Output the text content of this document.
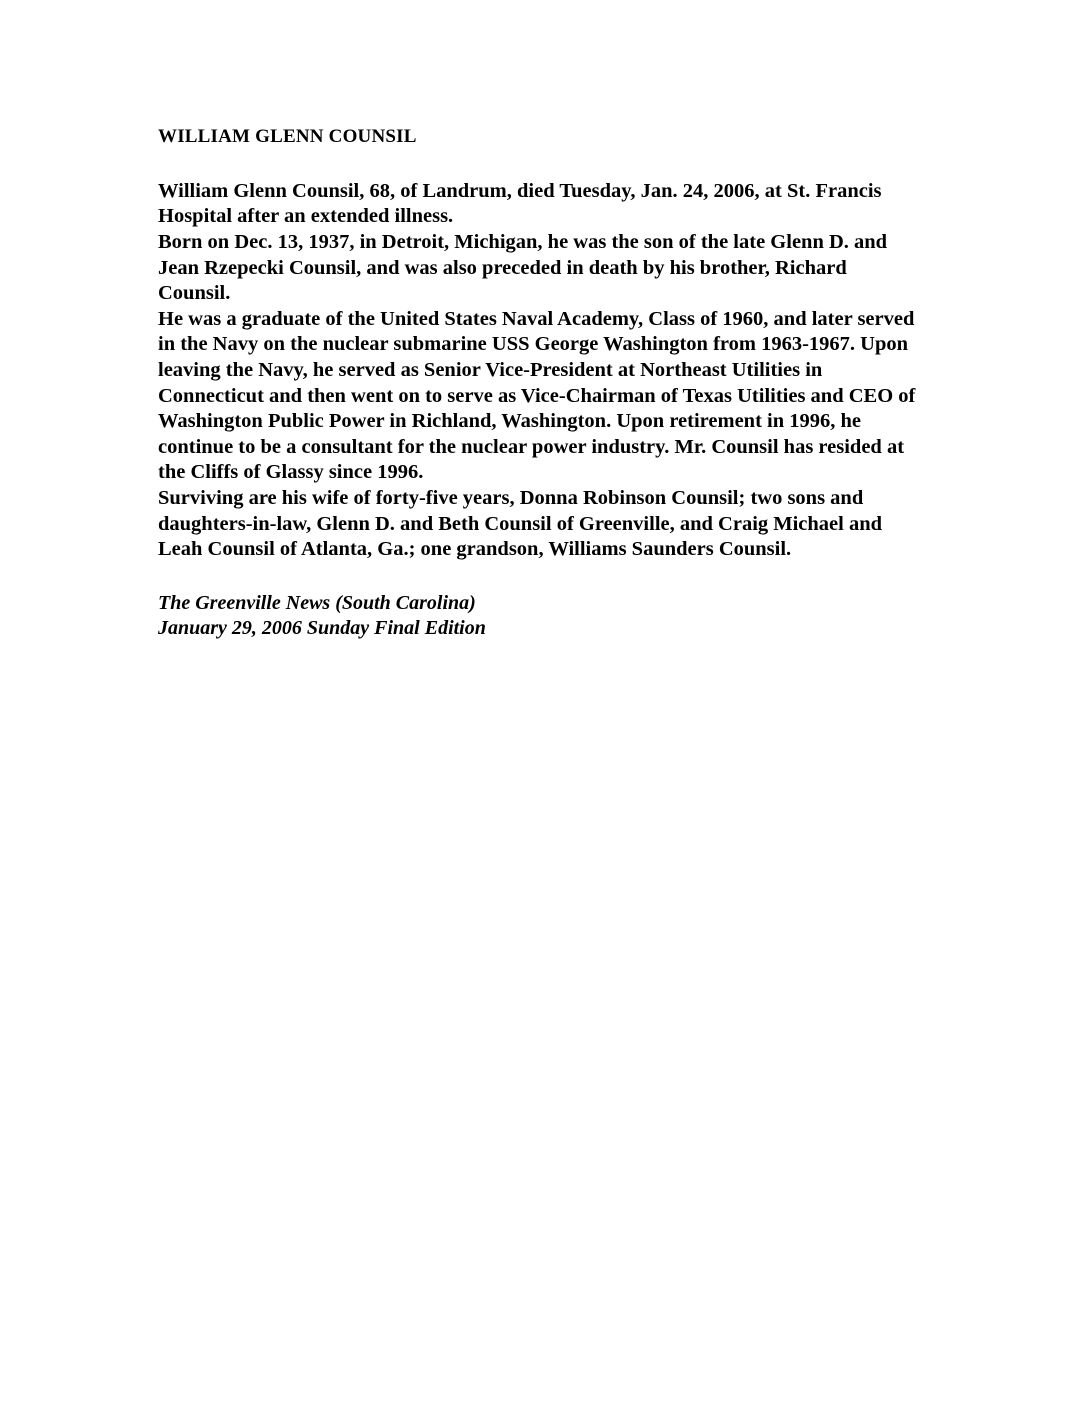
WILLIAM GLENN COUNSIL

William Glenn Counsil, 68, of Landrum, died Tuesday, Jan. 24, 2006, at St. Francis Hospital after an extended illness.

Born on Dec. 13, 1937, in Detroit, Michigan, he was the son of the late Glenn D. and Jean Rzepecki Counsil, and was also preceded in death by his brother, Richard Counsil.

He was a graduate of the United States Naval Academy, Class of 1960, and later served in the Navy on the nuclear submarine USS George Washington from 1963-1967. Upon leaving the Navy, he served as Senior Vice-President at Northeast Utilities in Connecticut and then went on to serve as Vice-Chairman of Texas Utilities and CEO of Washington Public Power in Richland, Washington. Upon retirement in 1996, he continue to be a consultant for the nuclear power industry. Mr. Counsil has resided at the Cliffs of Glassy since 1996.

Surviving are his wife of forty-five years, Donna Robinson Counsil; two sons and daughters-in-law, Glenn D. and Beth Counsil of Greenville, and Craig Michael and Leah Counsil of Atlanta, Ga.; one grandson, Williams Saunders Counsil.

The Greenville News (South Carolina)

January 29, 2006 Sunday Final Edition
